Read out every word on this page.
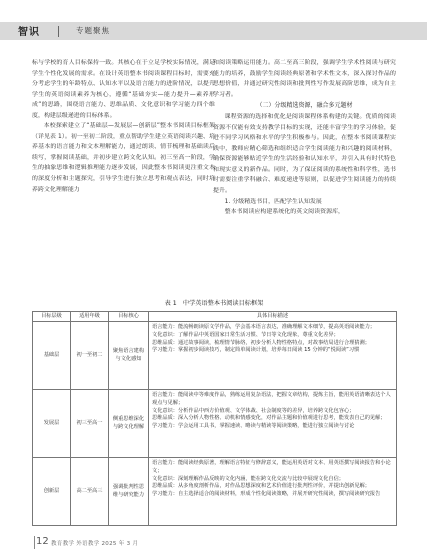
智识	专题聚焦

标与学校的育人目标保持一致。其核心在于立足学校实际情况，满足学生个性化发展的需求。在设计英语整本书阅读课程目标时，需要充分考虑学生的年龄特点、认知水平以及语言能力的进阶情况，以提升学生的英语阅读素养为核心，遵循“基础夯实—能力提升—素养形成”的思路，围绕语言能力、思维品质、文化意识和学习能力四个维度，构建层级递进的目标体系。

本校探索建立了“基础层—发展层—创新层”整本书阅读目标框架（详见表 1）。初一至初二阶段，重点帮助学生建立英语阅读兴趣、培养基本的语言能力和文本理解能力，通过朗读、情节梳理和基础读后续写，掌握阅读基础，并初步建立跨文化认知。初三至高一阶段，学生的抽象思维和逻辑推理能力逐步发展，因此整本书阅读更注重文本的深度分析和主题探究，引导学生进行独立思考和观点表达，同时培养跨文化理解能力

和阅读策略运用能力。高二至高三阶段，强调学生学术性阅读与研究能力的培养，鼓励学生阅读经典原著和学术性文本，深入探讨作品的思想价值，并通过研究性阅读和批判性写作发展高阶思维，成为自主学习者。

（二）分级精选资源，融合多元题材

课程资源的选择和优化是阅读课程体系构建的关键。优质的阅读资源不仅能有效支持教学目标的实现，还能丰富学生的学习体验，促进不同学习风格和水平的学生积极参与。因此，在整本书阅读课程实践中，教师应精心筛选和组织适合学生阅读能力和兴趣的阅读材料，确保资源能够贴近学生的生活经验和认知水平，并引入具有时代特色和现实意义的新作品。同时，为了保证阅读的系统性和科学性，选书时需要注重学科融合、难度递进等原则，以促进学生阅读能力的持续提升。

1. 分级精选书目，匹配学生认知发展

整本书阅读应构建系统化的英文阅读资源库，

表 1　中学英语整本书阅读目标框架
目标层级	适用年级	目标核心	具体目标描述
基础层	初一至初二	聚焦语言建构与文化感知	语言能力：能流畅朗读原文学作品，学会基本语言表达，准确理解文本细节，提高英语阅读能力；
文化意识：了解作品中英语国家日常生活习惯、节日等文化现象，尊重文化差异；
思维品质：通过故事阅读，梳理情节脉络，初步分析人物性格特点，对故事结局进行合理猜测；
学习能力：掌握初步阅读技巧，制定简单阅读计划，培养每日阅读 15 分钟的“悦阅读”习惯

发展层	初三至高一	侧重思维深化与跨文化理解	语言能力：能阅读中等难度作品，熟练运用复杂语法，把握文章结构，提炼主旨，能用英语清晰表达个人观点与见解；
文化意识：分析作品中西方价值观、文学体裁、社会制度等的差异，培养跨文化包容心；
思维品质：深入分析人物性格、动机和情感变化，对作品主题和价值观进行思考，能发表自己的见解；
学习能力：学会运用工具书，掌握速读、略读与精读等阅读策略，能进行独立阅读与讨论

创新层	高二至高三	强调批判性思维与研究能力	语言能力：能阅读经典原著，理解语言特征与修辞意义，能运用英语对文本、用英语撰写阅读报告和小论文；
文化意识：深刻理解作品反映的文化内涵，能在跨文化交流与比较中展现文化自信；
思维品质：从多角度剖析作品，对作品思想深度和艺术价值进行批判性评价，并提出创新见解；
学习能力：自主选择适合的阅读材料，形成个性化阅读策略，并展开研究性阅读，撰写阅读研究报告
12 教育教学 外语教学 2025 年 3 月
